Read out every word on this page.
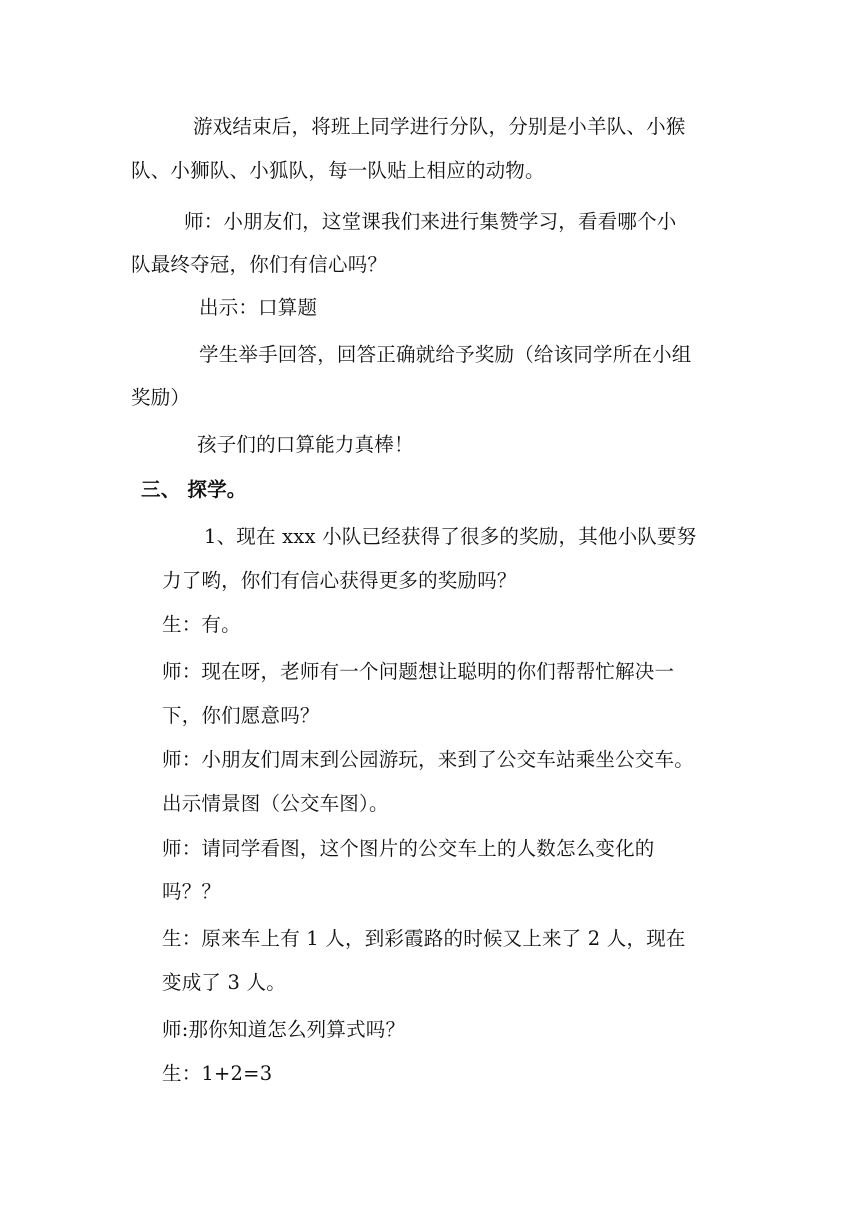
游戏结束后，将班上同学进行分队，分别是小羊队、小猴
队、小狮队、小狐队，每一队贴上相应的动物。
师：小朋友们，这堂课我们来进行集赞学习，看看哪个小
队最终夺冠，你们有信心吗？
出示：口算题
学生举手回答，回答正确就给予奖励（给该同学所在小组
奖励）
孩子们的口算能力真棒！
三、 探学。
1、现在 xxx 小队已经获得了很多的奖励，其他小队要努
力了哟，你们有信心获得更多的奖励吗？
生：有。
师：现在呀，老师有一个问题想让聪明的你们帮帮忙解决一
下，你们愿意吗？
师：小朋友们周末到公园游玩，来到了公交车站乘坐公交车。
出示情景图（公交车图）。
师：请同学看图，这个图片的公交车上的人数怎么变化的
吗？？
生：原来车上有 1 人，到彩霞路的时候又上来了 2 人，现在
变成了 3 人。
师:那你知道怎么列算式吗？
生：1+2=3
